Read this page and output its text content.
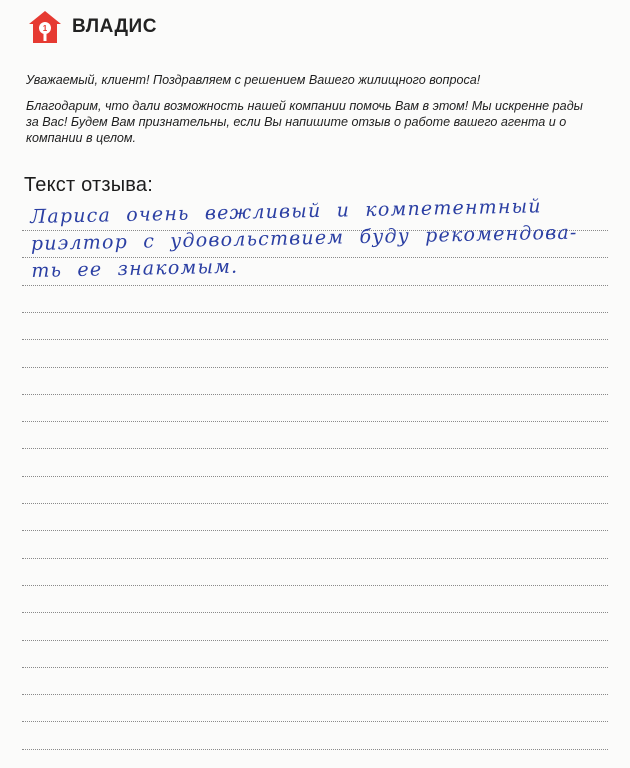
1 ВЛАДИС

Уважаемый, клиент! Поздравляем с решением Вашего жилищного вопроса!

Благодарим, что дали возможность нашей компании помочь Вам в этом! Мы искренне рады за Вас! Будем Вам признательны, если Вы напишите отзыв о работе вашего агента и о компании в целом.

Текст отзыва:
Лариса очень вежливый и компетентный
риэлтор с удовольствием буду рекомендова-
ть ее знакомым.
